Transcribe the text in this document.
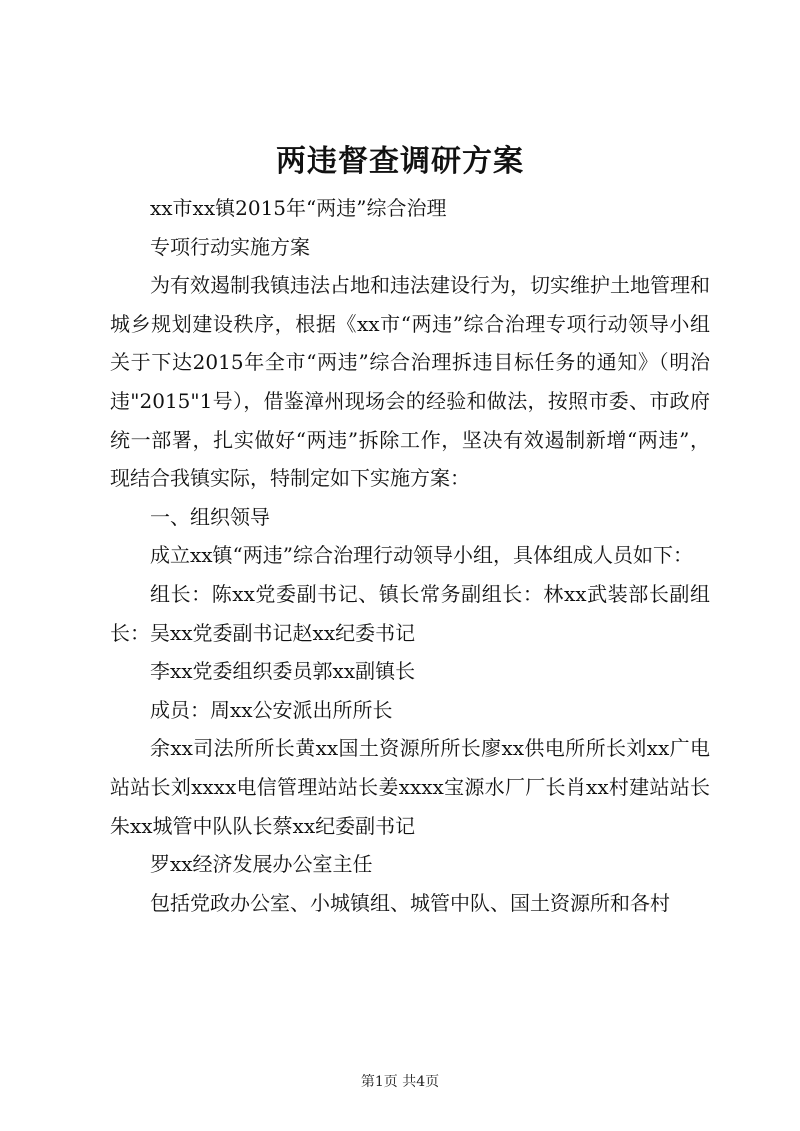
两违督查调研方案

xx市xx镇2015年“两违”综合治理

专项行动实施方案

为有效遏制我镇违法占地和违法建设行为，切实维护土地管理和城乡规划建设秩序，根据《xx市“两违”综合治理专项行动领导小组关于下达2015年全市“两违”综合治理拆违目标任务的通知》（明治违"2015"1号），借鉴漳州现场会的经验和做法，按照市委、市政府统一部署，扎实做好“两违”拆除工作，坚决有效遏制新增“两违”，现结合我镇实际，特制定如下实施方案：

一、组织领导

成立xx镇“两违”综合治理行动领导小组，具体组成人员如下：

组长：陈xx党委副书记、镇长常务副组长：林xx武装部长副组长：吴xx党委副书记赵xx纪委书记

李xx党委组织委员郭xx副镇长

成员：周xx公安派出所所长

余xx司法所所长黄xx国土资源所所长廖xx供电所所长刘xx广电站站长刘xxxx电信管理站站长姜xxxx宝源水厂厂长肖xx村建站站长朱xx城管中队队长蔡xx纪委副书记

罗xx经济发展办公室主任

包括党政办公室、小城镇组、城管中队、国土资源所和各村

第1页 共4页
